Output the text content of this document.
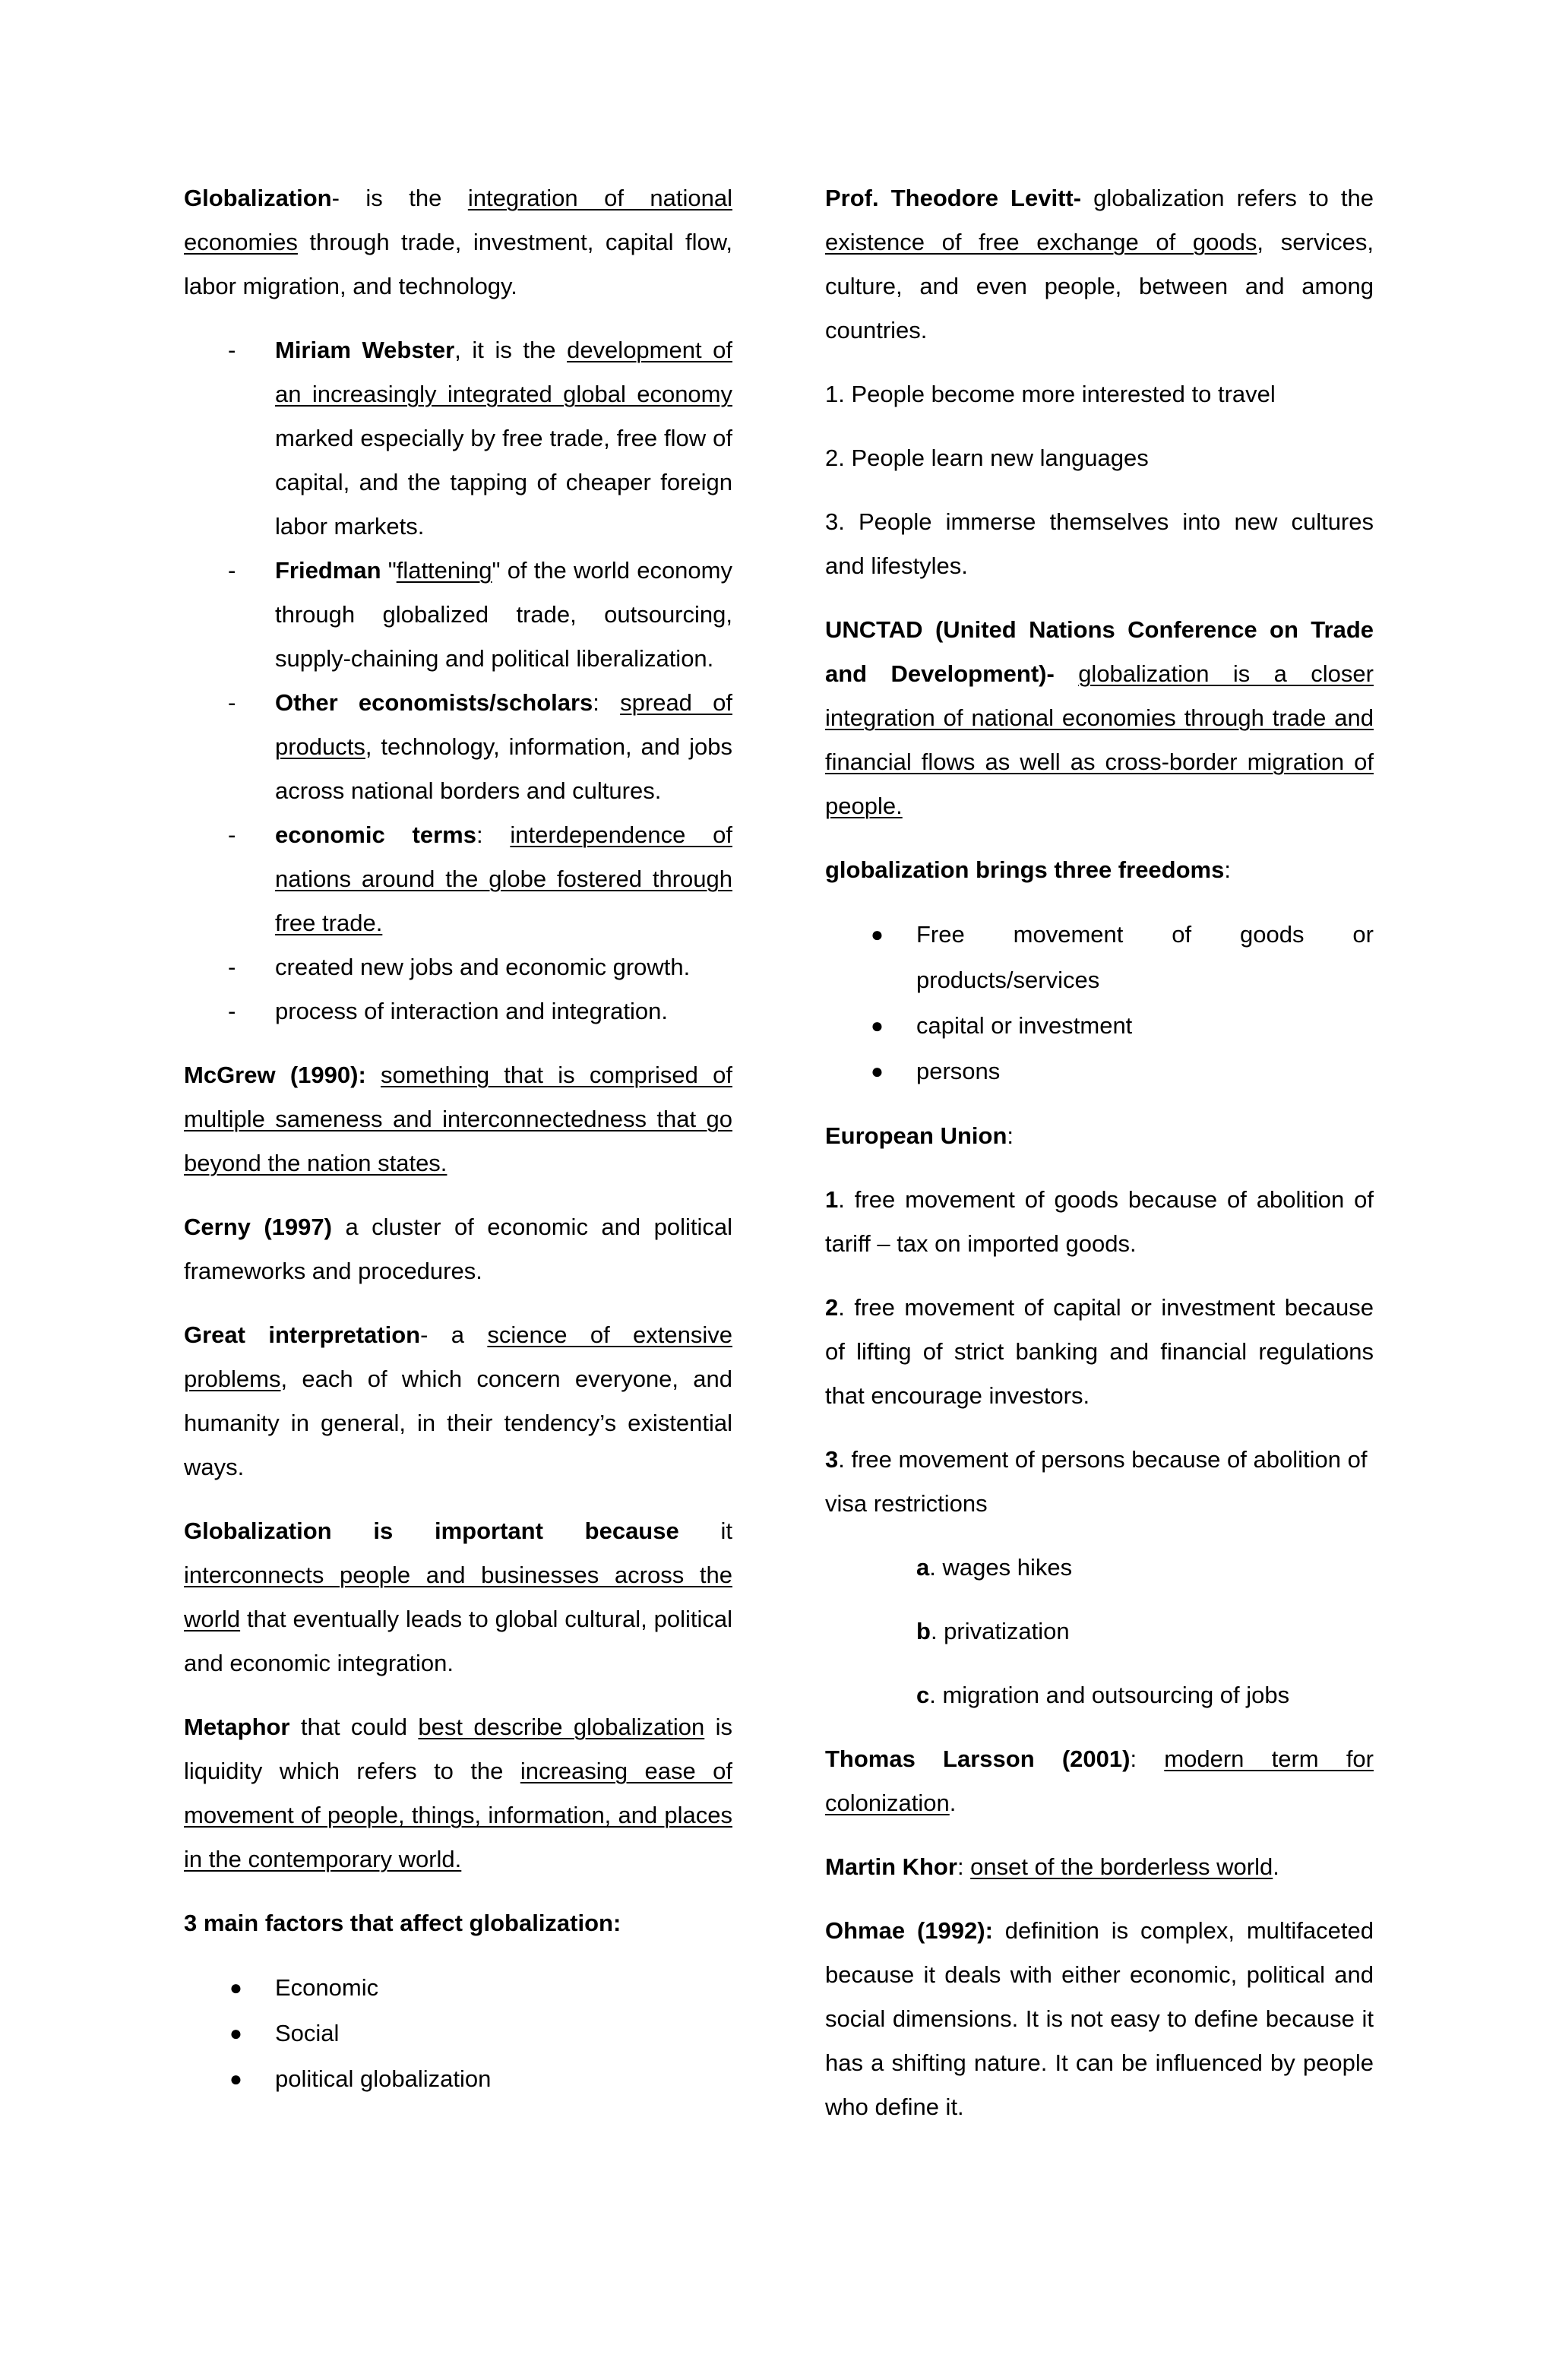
Globalization- is the integration of national economies through trade, investment, capital flow, labor migration, and technology.

- Miriam Webster, it is the development of an increasingly integrated global economy marked especially by free trade, free flow of capital, and the tapping of cheaper foreign labor markets.
- Friedman "flattening" of the world economy through globalized trade, outsourcing, supply-chaining and political liberalization.
- Other economists/scholars: spread of products, technology, information, and jobs across national borders and cultures.
- economic terms: interdependence of nations around the globe fostered through free trade.
- created new jobs and economic growth.
- process of interaction and integration.

McGrew (1990): something that is comprised of multiple sameness and interconnectedness that go beyond the nation states.

Cerny (1997) a cluster of economic and political frameworks and procedures.

Great interpretation- a science of extensive problems, each of which concern everyone, and humanity in general, in their tendency’s existential ways.

Globalization is important because it interconnects people and businesses across the world that eventually leads to global cultural, political and economic integration.

Metaphor that could best describe globalization is liquidity which refers to the increasing ease of movement of people, things, information, and places in the contemporary world.

3 main factors that affect globalization:

● Economic
● Social
● political globalization

Prof. Theodore Levitt- globalization refers to the existence of free exchange of goods, services, culture, and even people, between and among countries.

1. People become more interested to travel

2. People learn new languages

3. People immerse themselves into new cultures and lifestyles.

UNCTAD (United Nations Conference on Trade and Development)- globalization is a closer integration of national economies through trade and financial flows as well as cross-border migration of people.

globalization brings three freedoms:

● Free movement of goods or products/services
● capital or investment
● persons

European Union:

1. free movement of goods because of abolition of tariff – tax on imported goods.

2. free movement of capital or investment because of lifting of strict banking and financial regulations that encourage investors.

3. free movement of persons because of abolition of visa restrictions

a. wages hikes
b. privatization
c. migration and outsourcing of jobs

Thomas Larsson (2001): modern term for colonization.

Martin Khor: onset of the borderless world.

Ohmae (1992): definition is complex, multifaceted because it deals with either economic, political and social dimensions. It is not easy to define because it has a shifting nature. It can be influenced by people who define it.
